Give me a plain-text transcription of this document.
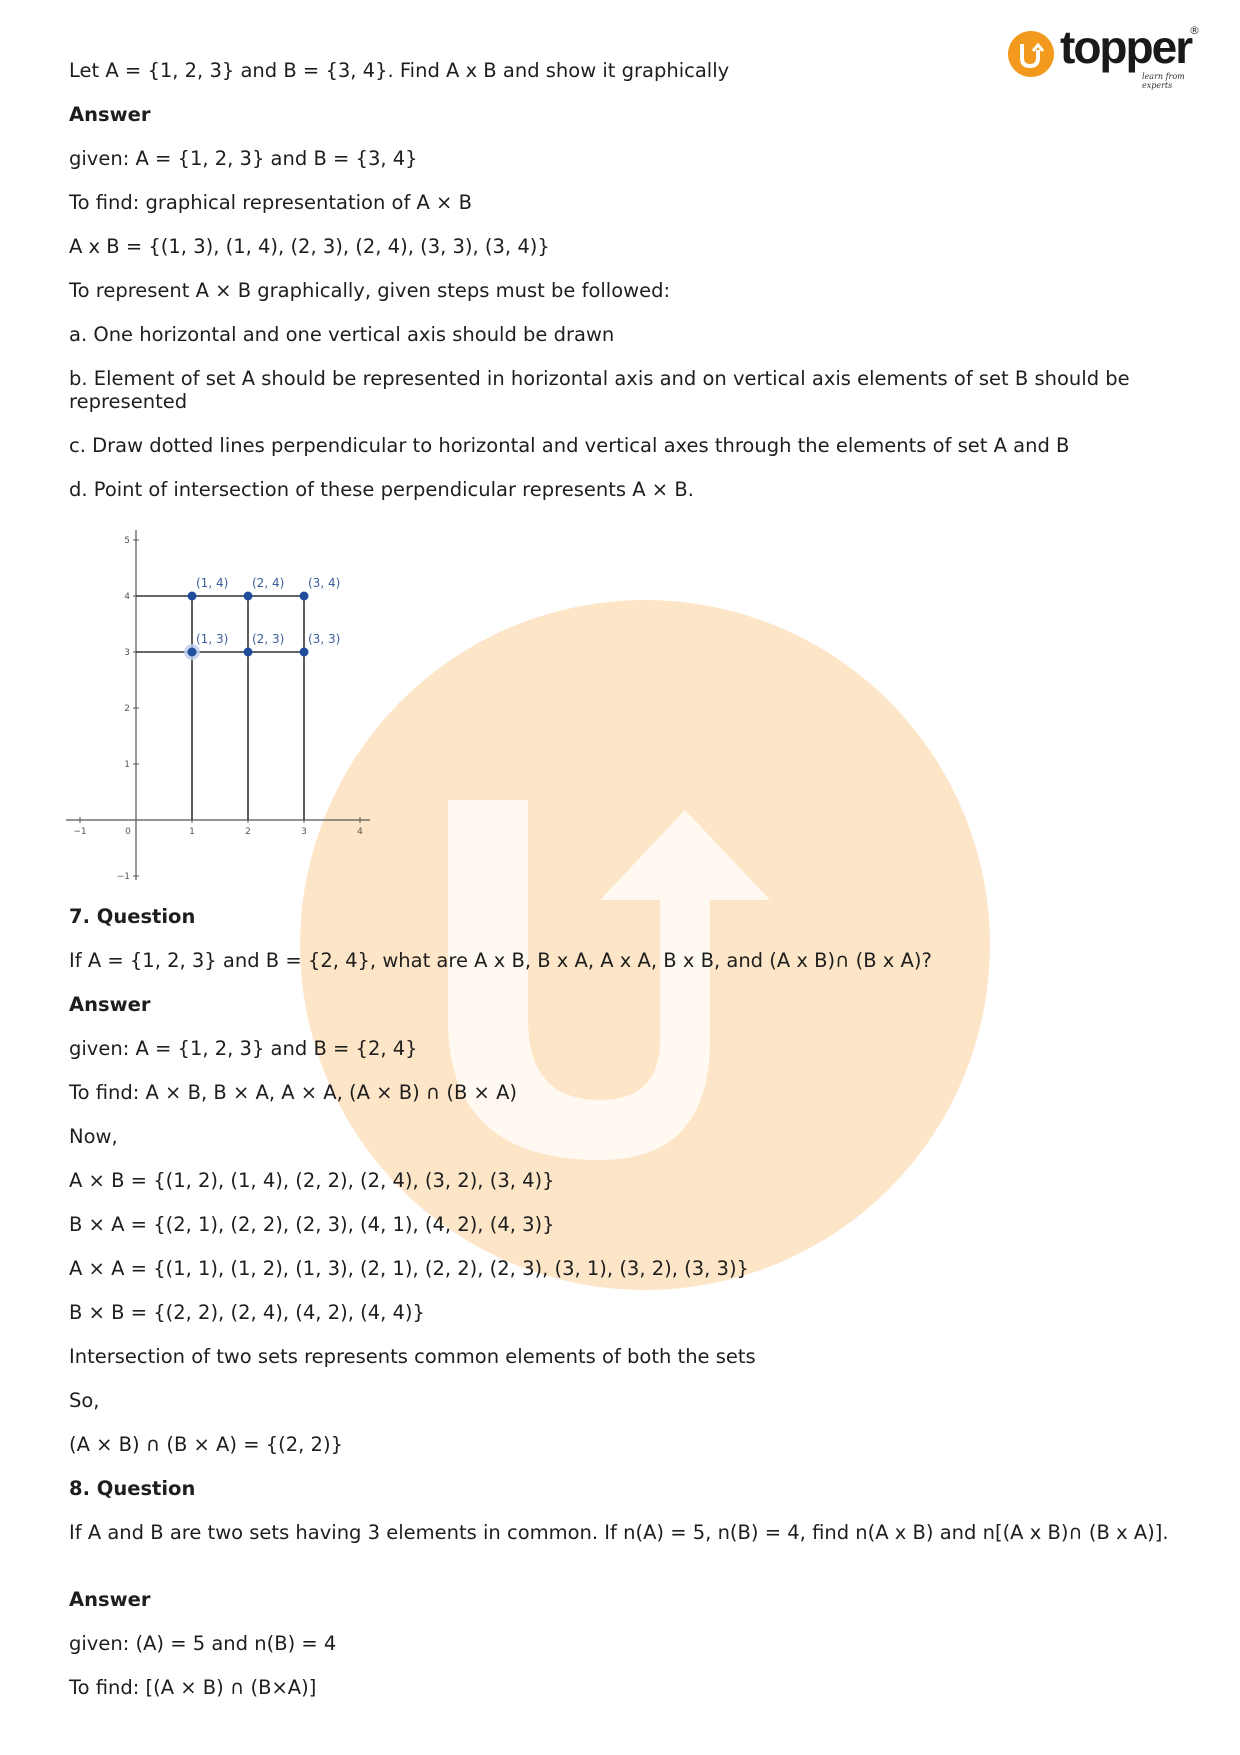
topper
®
learn from experts
Let A = {1, 2, 3} and B = {3, 4}. Find A x B and show it graphically
Answer
given: A = {1, 2, 3} and B = {3, 4}
To find: graphical representation of A × B
A x B = {(1, 3), (1, 4), (2, 3), (2, 4), (3, 3), (3, 4)}
To represent A × B graphically, given steps must be followed:
a. One horizontal and one vertical axis should be drawn
b. Element of set A should be represented in horizontal axis and on vertical axis elements of set B should be represented
c. Draw dotted lines perpendicular to horizontal and vertical axes through the elements of set A and B
d. Point of intersection of these perpendicular represents A × B.
7. Question
If A = {1, 2, 3} and B = {2, 4}, what are A x B, B x A, A x A, B x B, and (A x B)∩ (B x A)?
Answer
given: A = {1, 2, 3} and B = {2, 4}
To find: A × B, B × A, A × A, (A × B) ∩ (B × A)
Now,
A × B = {(1, 2), (1, 4), (2, 2), (2, 4), (3, 2), (3, 4)}
B × A = {(2, 1), (2, 2), (2, 3), (4, 1), (4, 2), (4, 3)}
A × A = {(1, 1), (1, 2), (1, 3), (2, 1), (2, 2), (2, 3), (3, 1), (3, 2), (3, 3)}
B × B = {(2, 2), (2, 4), (4, 2), (4, 4)}
Intersection of two sets represents common elements of both the sets
So,
(A × B) ∩ (B × A) = {(2, 2)}
8. Question
If A and B are two sets having 3 elements in common. If n(A) = 5, n(B) = 4, find n(A x B) and n[(A x B)∩ (B x A)].
Answer
given: (A) = 5 and n(B) = 4
To find: [(A × B) ∩ (B×A)]
−1	0	1	2	3	4
−1
1
2
3
4
5
(1, 3)
(1, 4)
(2, 3)
(2, 4)
(3, 3)
(3, 4)
